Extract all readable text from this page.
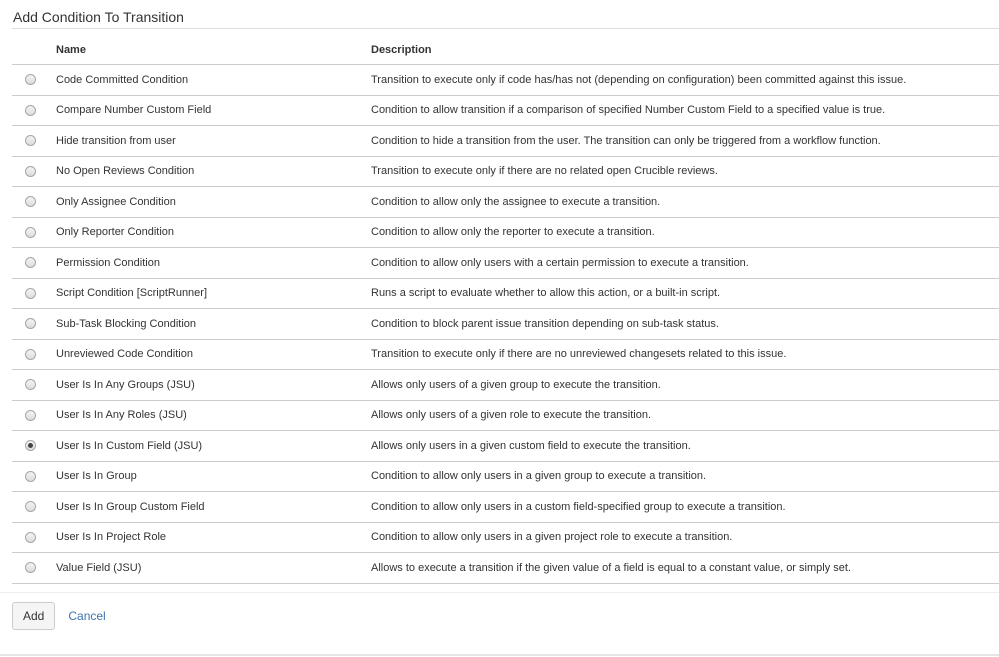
Add Condition To Transition
	Name	Description

	Code Committed Condition	Transition to execute only if code has/has not (depending on configuration) been committed against this issue.

	Compare Number Custom Field	Condition to allow transition if a comparison of specified Number Custom Field to a specified value is true.

	Hide transition from user	Condition to hide a transition from the user. The transition can only be triggered from a workflow function.

	No Open Reviews Condition	Transition to execute only if there are no related open Crucible reviews.

	Only Assignee Condition	Condition to allow only the assignee to execute a transition.

	Only Reporter Condition	Condition to allow only the reporter to execute a transition.

	Permission Condition	Condition to allow only users with a certain permission to execute a transition.

	Script Condition [ScriptRunner]	Runs a script to evaluate whether to allow this action, or a built-in script.

	Sub-Task Blocking Condition	Condition to block parent issue transition depending on sub-task status.

	Unreviewed Code Condition	Transition to execute only if there are no unreviewed changesets related to this issue.

	User Is In Any Groups (JSU)	Allows only users of a given group to execute the transition.

	User Is In Any Roles (JSU)	Allows only users of a given role to execute the transition.

	User Is In Custom Field (JSU)	Allows only users in a given custom field to execute the transition.

	User Is In Group	Condition to allow only users in a given group to execute a transition.

	User Is In Group Custom Field	Condition to allow only users in a custom field-specified group to execute a transition.

	User Is In Project Role	Condition to allow only users in a given project role to execute a transition.

	Value Field (JSU)	Allows to execute a transition if the given value of a field is equal to a constant value, or simply set.
Add	Cancel
